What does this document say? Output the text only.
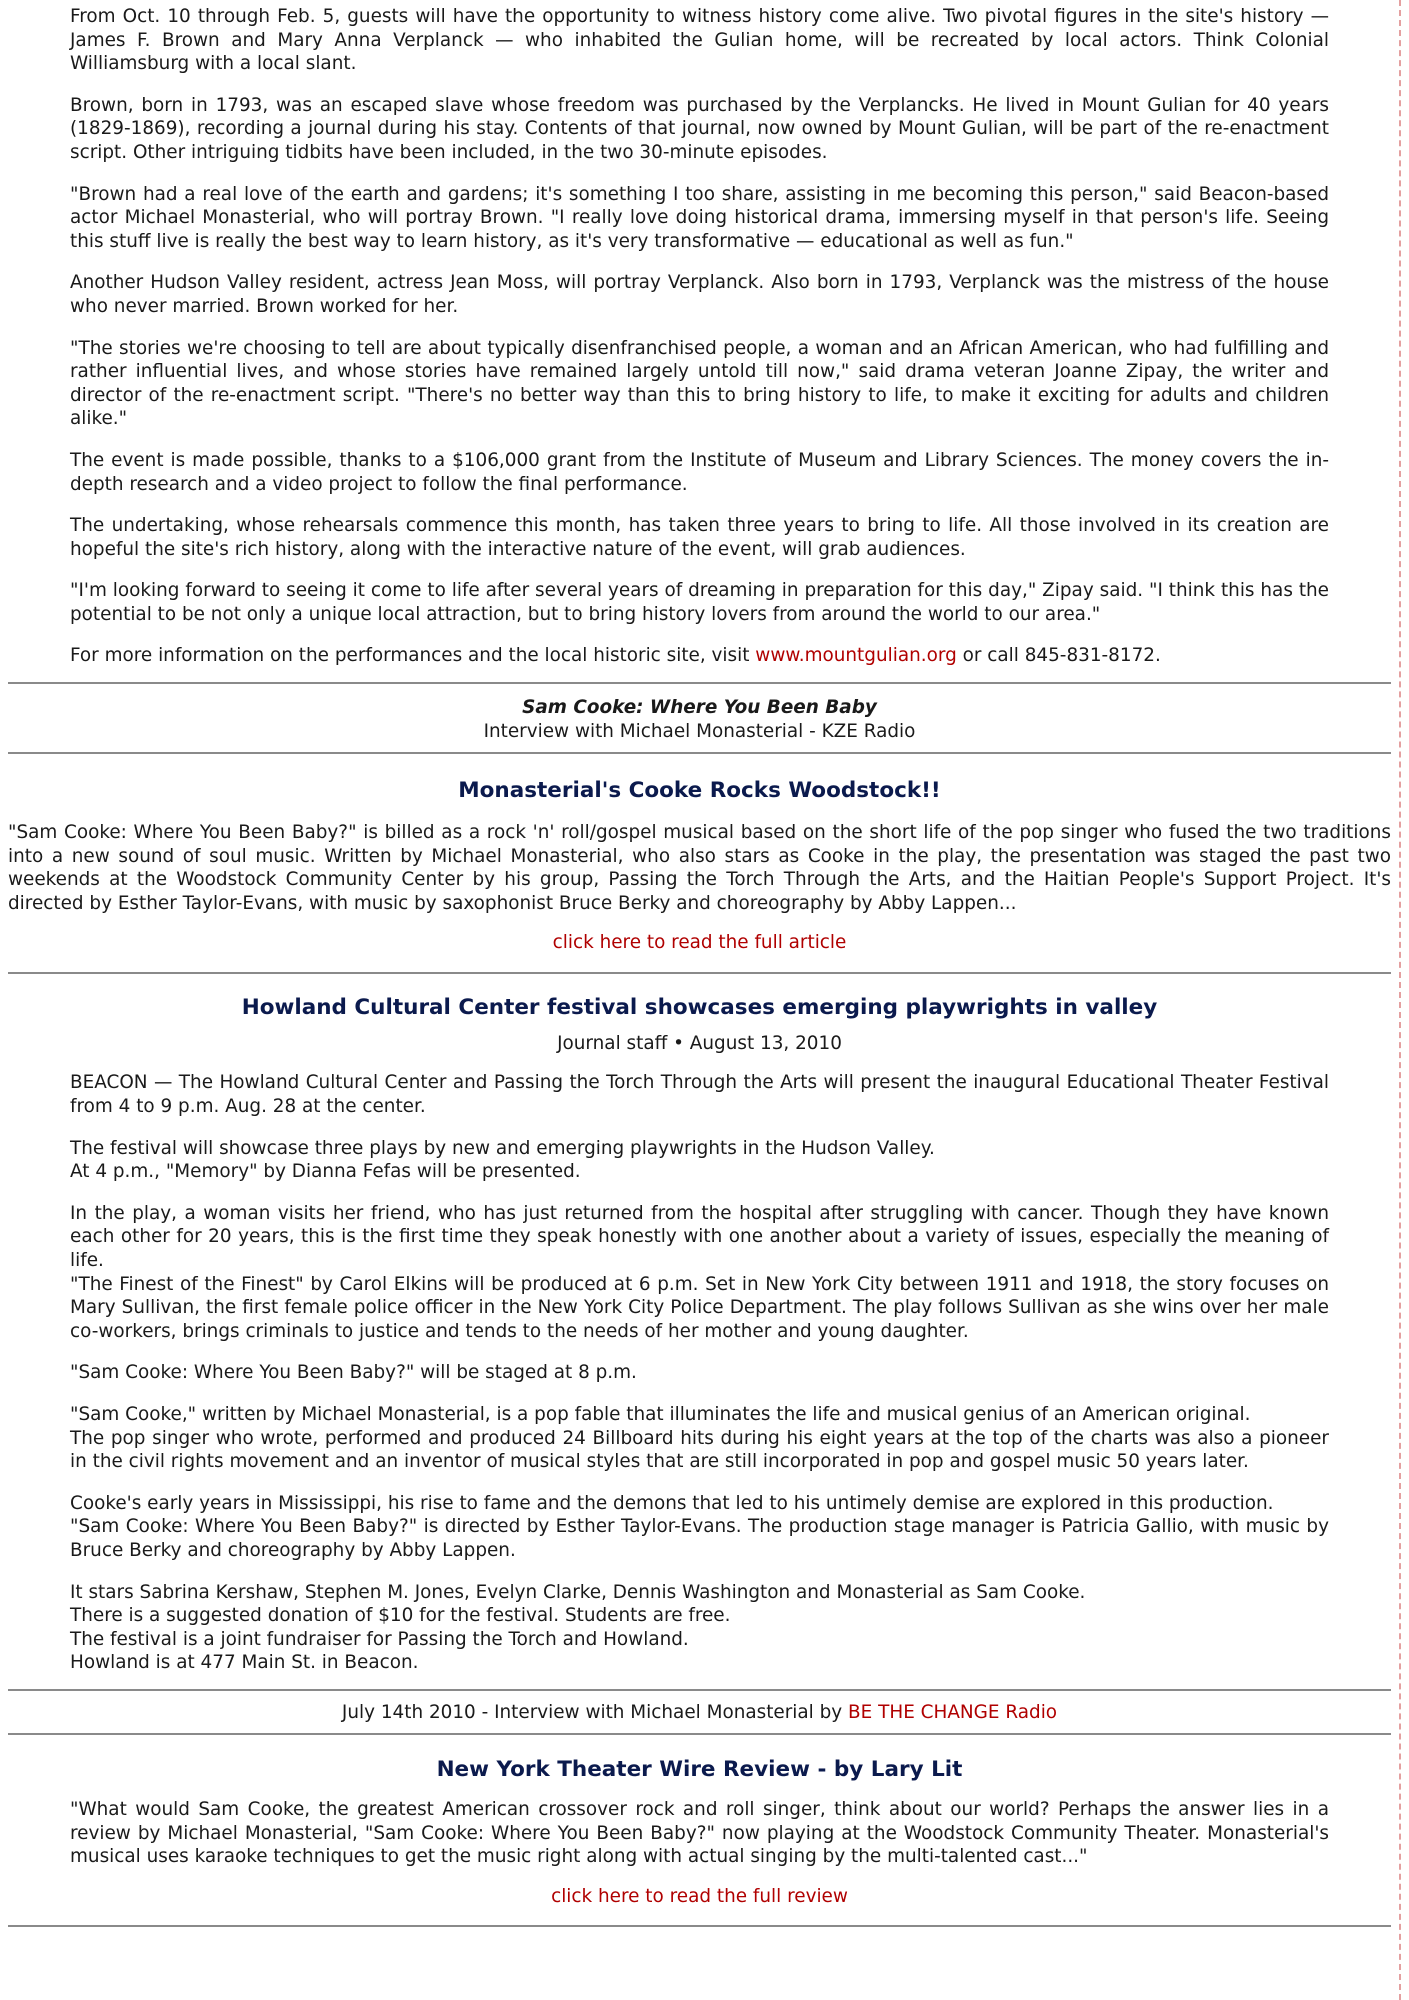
From Oct. 10 through Feb. 5, guests will have the opportunity to witness history come alive. Two pivotal figures in the site's history — James F. Brown and Mary Anna Verplanck — who inhabited the Gulian home, will be recreated by local actors. Think Colonial Williamsburg with a local slant.

Brown, born in 1793, was an escaped slave whose freedom was purchased by the Verplancks. He lived in Mount Gulian for 40 years (1829-1869), recording a journal during his stay. Contents of that journal, now owned by Mount Gulian, will be part of the re-enactment script. Other intriguing tidbits have been included, in the two 30-minute episodes.

"Brown had a real love of the earth and gardens; it's something I too share, assisting in me becoming this person," said Beacon-based actor Michael Monasterial, who will portray Brown. "I really love doing historical drama, immersing myself in that person's life. Seeing this stuff live is really the best way to learn history, as it's very transformative — educational as well as fun."

Another Hudson Valley resident, actress Jean Moss, will portray Verplanck. Also born in 1793, Verplanck was the mistress of the house who never married. Brown worked for her.

"The stories we're choosing to tell are about typically disenfranchised people, a woman and an African American, who had fulfilling and rather influential lives, and whose stories have remained largely untold till now," said drama veteran Joanne Zipay, the writer and director of the re-enactment script. "There's no better way than this to bring history to life, to make it exciting for adults and children alike."

The event is made possible, thanks to a $106,000 grant from the Institute of Museum and Library Sciences. The money covers the in-depth research and a video project to follow the final performance.

The undertaking, whose rehearsals commence this month, has taken three years to bring to life. All those involved in its creation are hopeful the site's rich history, along with the interactive nature of the event, will grab audiences.

"I'm looking forward to seeing it come to life after several years of dreaming in preparation for this day," Zipay said. "I think this has the potential to be not only a unique local attraction, but to bring history lovers from around the world to our area."

For more information on the performances and the local historic site, visit www.mountgulian.org or call 845-831-8172.

Sam Cooke: Where You Been Baby

Interview with Michael Monasterial - KZE Radio

Monasterial's Cooke Rocks Woodstock!!

"Sam Cooke: Where You Been Baby?" is billed as a rock 'n' roll/gospel musical based on the short life of the pop singer who fused the two traditions into a new sound of soul music. Written by Michael Monasterial, who also stars as Cooke in the play, the presentation was staged the past two weekends at the Woodstock Community Center by his group, Passing the Torch Through the Arts, and the Haitian People's Support Project. It's directed by Esther Taylor-Evans, with music by saxophonist Bruce Berky and choreography by Abby Lappen...

click here to read the full article

Howland Cultural Center festival showcases emerging playwrights in valley

Journal staff • August 13, 2010

BEACON — The Howland Cultural Center and Passing the Torch Through the Arts will present the inaugural Educational Theater Festival from 4 to 9 p.m. Aug. 28 at the center.

The festival will showcase three plays by new and emerging playwrights in the Hudson Valley.

At 4 p.m., "Memory" by Dianna Fefas will be presented.

In the play, a woman visits her friend, who has just returned from the hospital after struggling with cancer. Though they have known each other for 20 years, this is the first time they speak honestly with one another about a variety of issues, especially the meaning of life.

"The Finest of the Finest" by Carol Elkins will be produced at 6 p.m. Set in New York City between 1911 and 1918, the story focuses on Mary Sullivan, the first female police officer in the New York City Police Department. The play follows Sullivan as she wins over her male co-workers, brings criminals to justice and tends to the needs of her mother and young daughter.

"Sam Cooke: Where You Been Baby?" will be staged at 8 p.m.

"Sam Cooke," written by Michael Monasterial, is a pop fable that illuminates the life and musical genius of an American original.

The pop singer who wrote, performed and produced 24 Billboard hits during his eight years at the top of the charts was also a pioneer in the civil rights movement and an inventor of musical styles that are still incorporated in pop and gospel music 50 years later.

Cooke's early years in Mississippi, his rise to fame and the demons that led to his untimely demise are explored in this production.

"Sam Cooke: Where You Been Baby?" is directed by Esther Taylor-Evans. The production stage manager is Patricia Gallio, with music by Bruce Berky and choreography by Abby Lappen.

It stars Sabrina Kershaw, Stephen M. Jones, Evelyn Clarke, Dennis Washington and Monasterial as Sam Cooke.

There is a suggested donation of $10 for the festival. Students are free.

The festival is a joint fundraiser for Passing the Torch and Howland.

Howland is at 477 Main St. in Beacon.

July 14th 2010 - Interview with Michael Monasterial by BE THE CHANGE Radio

New York Theater Wire Review - by Lary Lit

"What would Sam Cooke, the greatest American crossover rock and roll singer, think about our world? Perhaps the answer lies in a review by Michael Monasterial, "Sam Cooke: Where You Been Baby?" now playing at the Woodstock Community Theater. Monasterial's musical uses karaoke techniques to get the music right along with actual singing by the multi-talented cast..."

click here to read the full review
